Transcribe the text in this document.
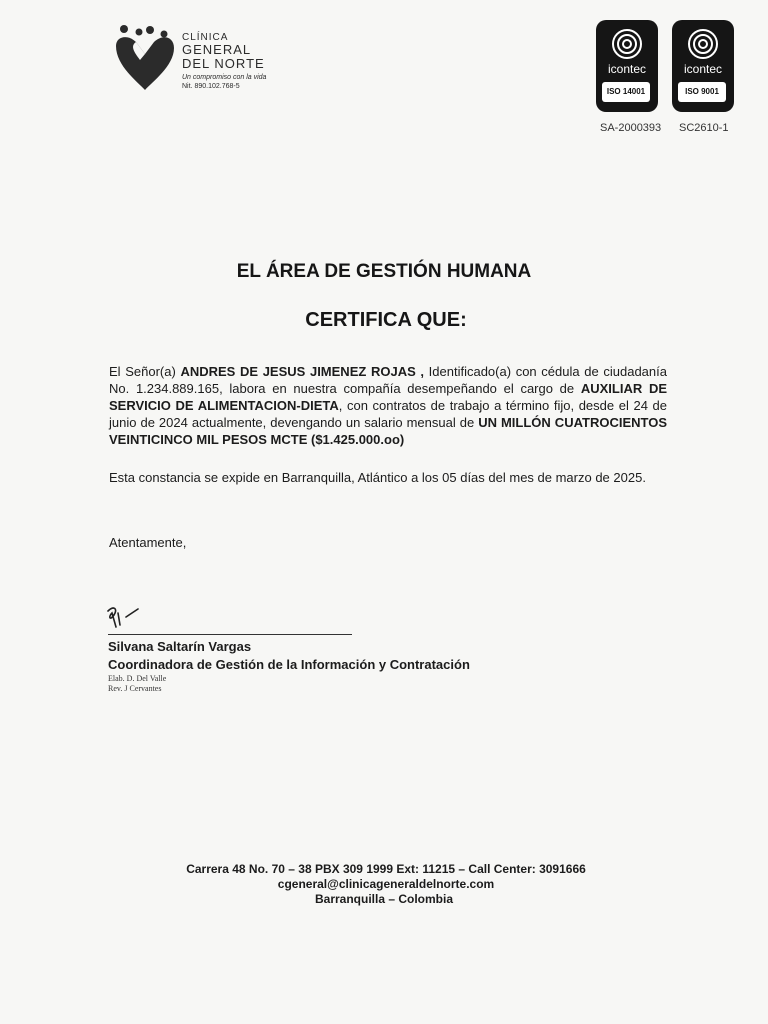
CLÍNICA
GENERAL
DEL NORTE
Un compromiso con la vida
Nit. 890.102.768-5
icontec
ISO 14001
icontec
ISO 9001
SA-2000393 SC2610-1
EL ÁREA DE GESTIÓN HUMANA
CERTIFICA QUE:
El Señor(a) ANDRES DE JESUS JIMENEZ ROJAS , Identificado(a) con cédula de ciudadanía No. 1.234.889.165, labora en nuestra compañía desempeñando el cargo de AUXILIAR DE SERVICIO DE ALIMENTACION-DIETA, con contratos de trabajo a término fijo, desde el 24 de junio de 2024 actualmente, devengando un salario mensual de UN MILLÓN CUATROCIENTOS VEINTICINCO MIL PESOS MCTE ($1.425.000.oo)
Esta constancia se expide en Barranquilla, Atlántico a los 05 días del mes de marzo de 2025.
Atentamente,
Silvana Saltarín Vargas
Coordinadora de Gestión de la Información y Contratación
Elab. D. Del Valle
Rev. J Cervantes
Carrera 48 No. 70 – 38 PBX 309 1999 Ext: 11215 – Call Center: 3091666
cgeneral@clinicageneraldelnorte.com
Barranquilla – Colombia
